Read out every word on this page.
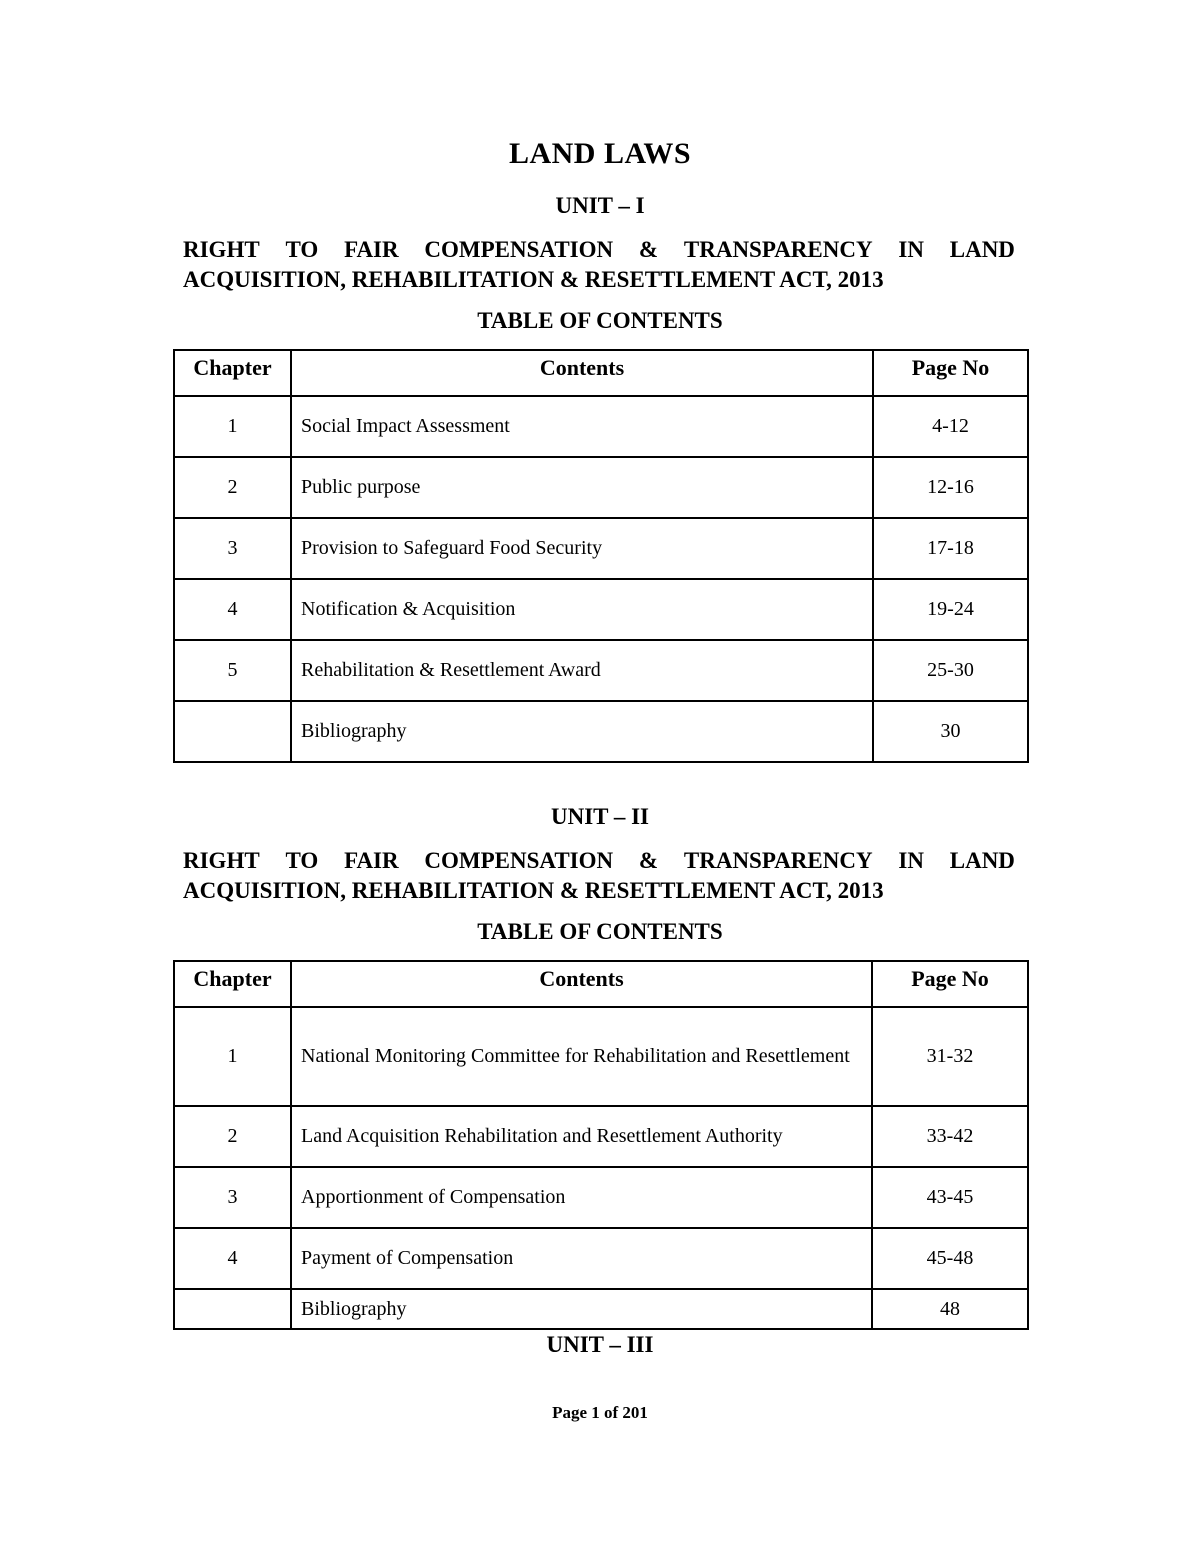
LAND LAWS
UNIT – I
RIGHT TO FAIR COMPENSATION & TRANSPARENCY IN LAND
ACQUISITION, REHABILITATION & RESETTLEMENT ACT, 2013
TABLE OF CONTENTS
Chapter	Contents	Page No
1	Social Impact Assessment	4-12
2	Public purpose	12-16
3	Provision to Safeguard Food Security	17-18
4	Notification & Acquisition	19-24
5	Rehabilitation & Resettlement Award	25-30
	Bibliography	30
UNIT – II
RIGHT TO FAIR COMPENSATION & TRANSPARENCY IN LAND
ACQUISITION, REHABILITATION & RESETTLEMENT ACT, 2013
TABLE OF CONTENTS
Chapter	Contents	Page No
1	National Monitoring Committee for Rehabilitation and Resettlement	31-32
2	Land Acquisition Rehabilitation and Resettlement Authority	33-42
3	Apportionment of Compensation	43-45
4	Payment of Compensation	45-48
	Bibliography	48
UNIT – III
Page 1 of 201
